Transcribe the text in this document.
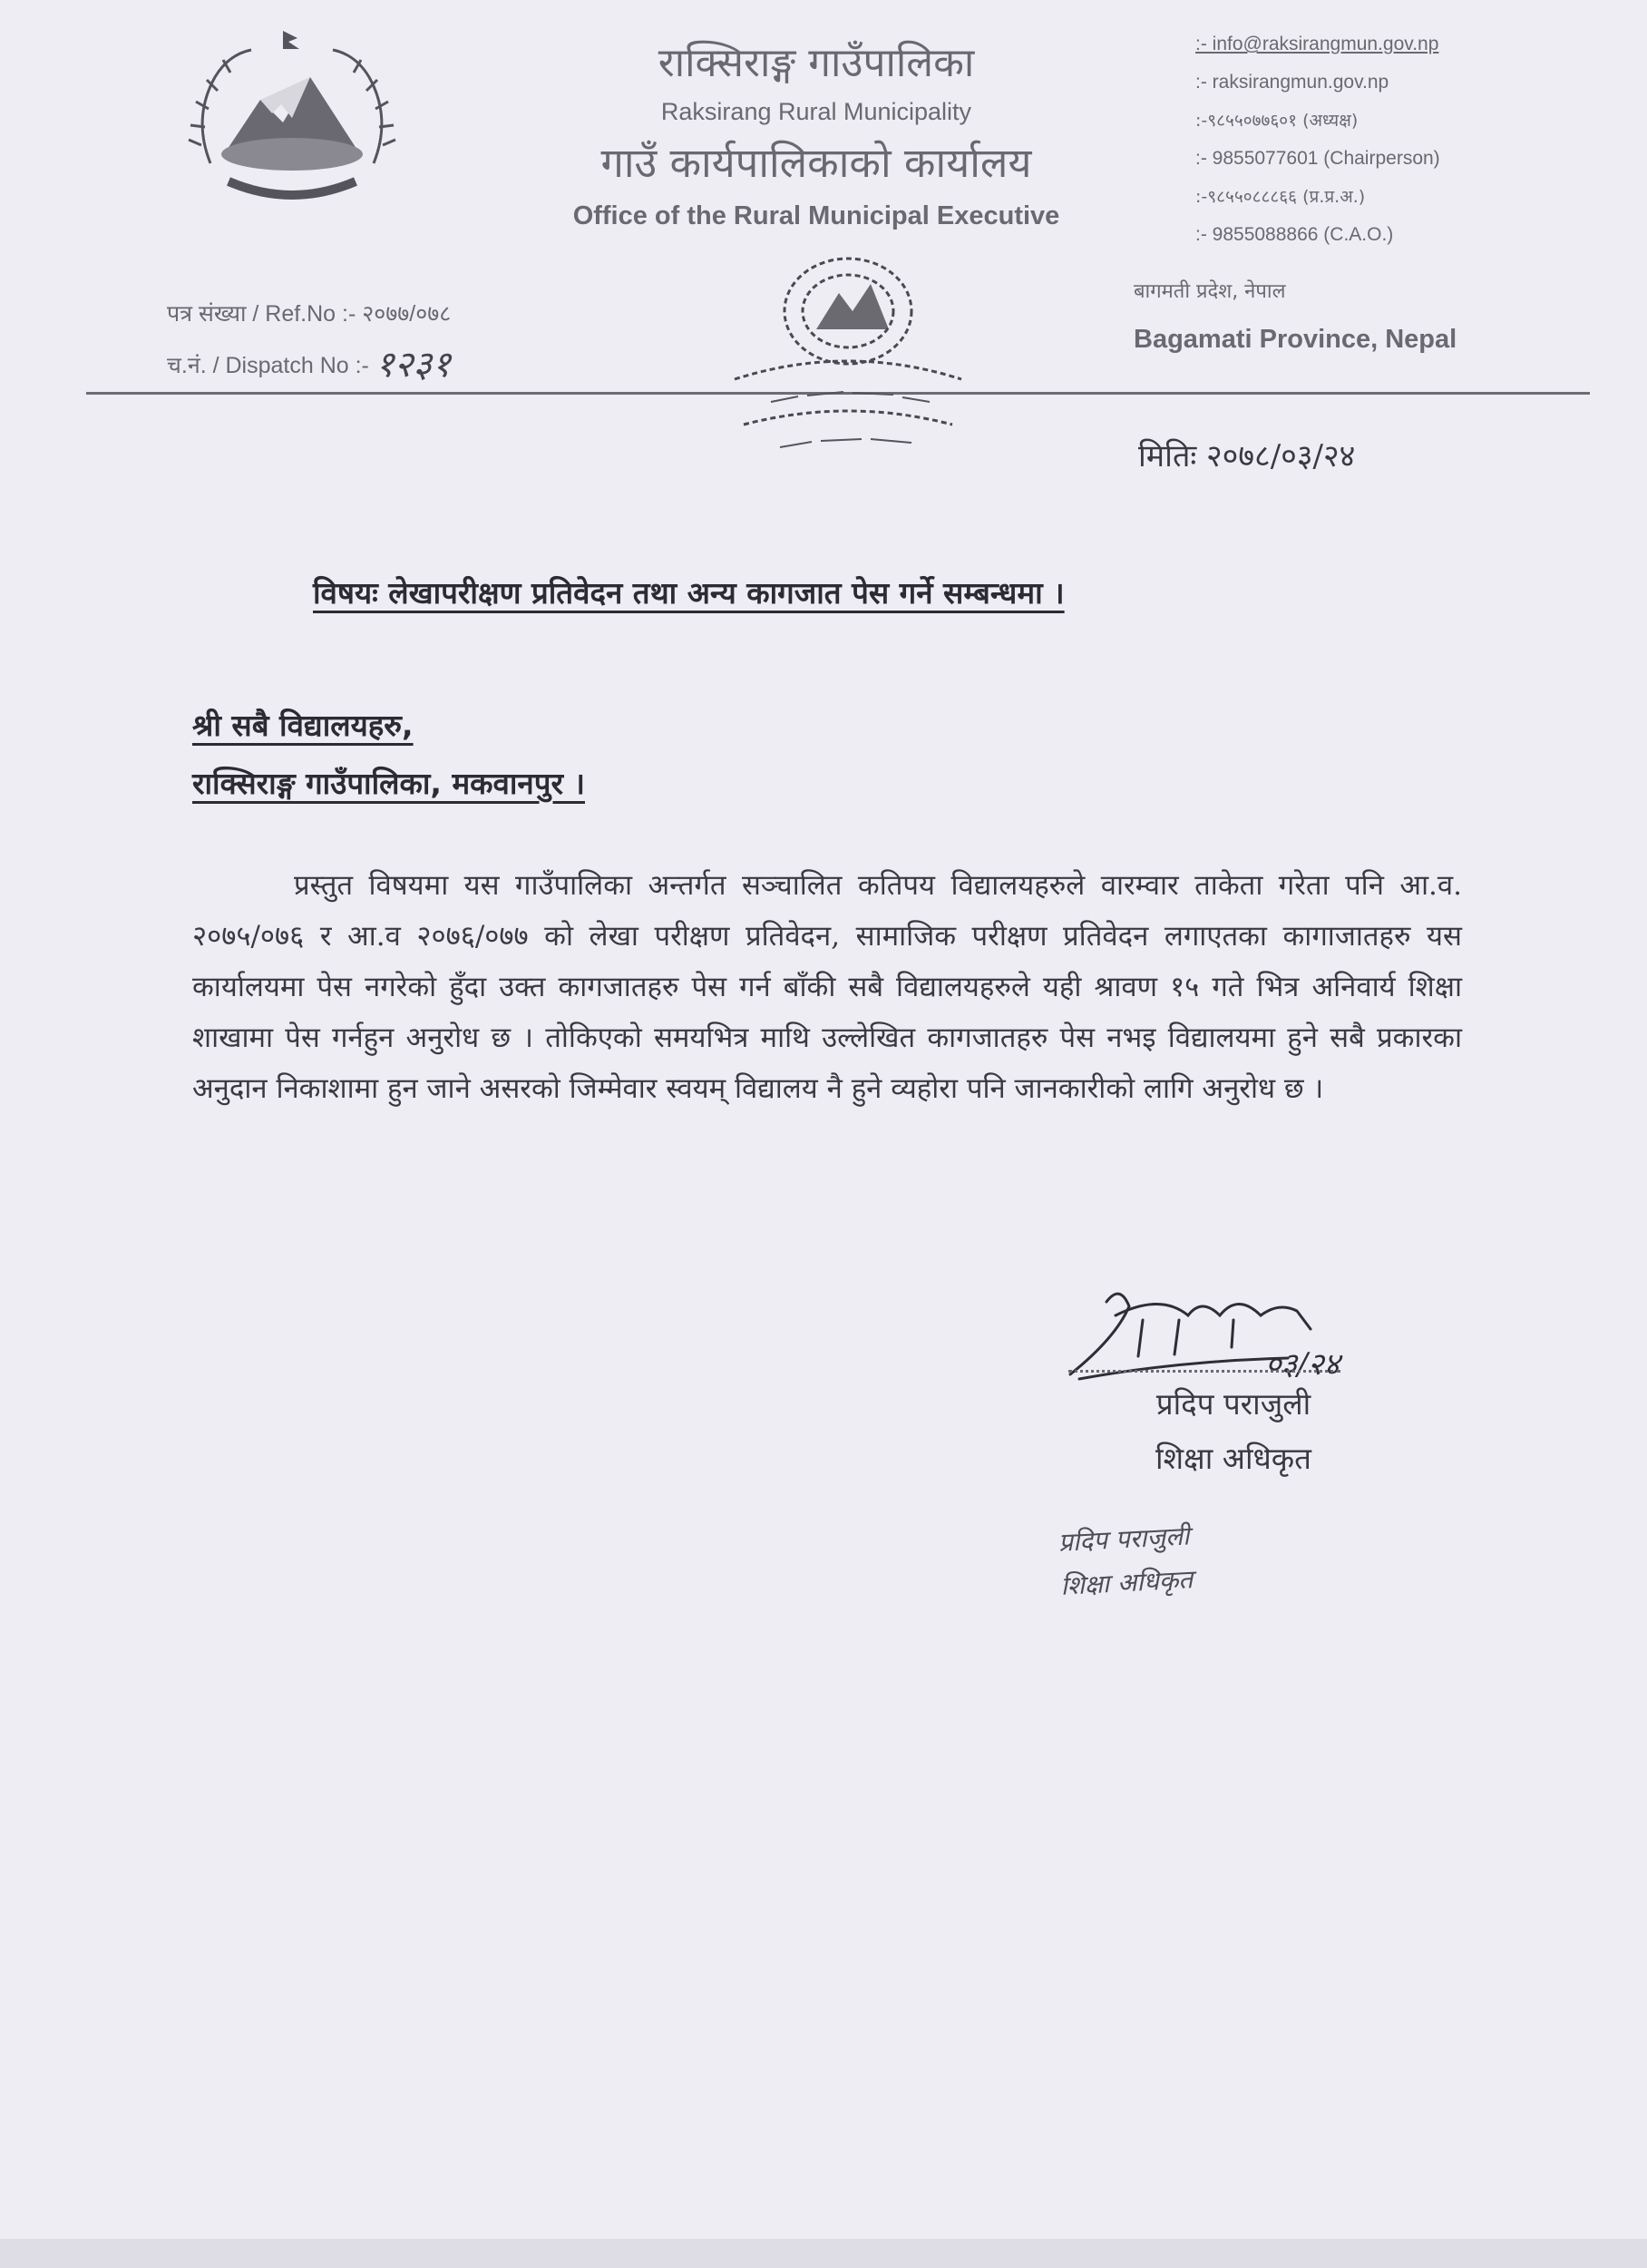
राक्सिराङ्ग गाउँपालिका
Raksirang Rural Municipality
गाउँ कार्यपालिकाको कार्यालय
Office of the Rural Municipal Executive
:- info@raksirangmun.gov.np
:- raksirangmun.gov.np
:-९८५५०७७६०१ (अध्यक्ष)
:- 9855077601 (Chairperson)
:-९८५५०८८८६६ (प्र.प्र.अ.)
:- 9855088866 (C.A.O.)
पत्र संख्या / Ref.No :- २०७७/०७८
च.नं. / Dispatch No :- १२३१
बागमती प्रदेश, नेपाल
Bagamati Province, Nepal
मितिः २०७८/०३/२४
विषयः लेखापरीक्षण प्रतिवेदन तथा अन्य कागजात पेस गर्ने सम्बन्धमा ।
श्री सबै विद्यालयहरु,
राक्सिराङ्ग गाउँपालिका, मकवानपुर ।

प्रस्तुत विषयमा यस गाउँपालिका अन्तर्गत सञ्चालित कतिपय विद्यालयहरुले वारम्वार ताकेता गरेता पनि आ.व. २०७५/०७६ र आ.व २०७६/०७७ को लेखा परीक्षण प्रतिवेदन, सामाजिक परीक्षण प्रतिवेदन लगाएतका कागाजातहरु यस कार्यालयमा पेस नगरेको हुँदा उक्त कागजातहरु पेस गर्न बाँकी सबै विद्यालयहरुले यही श्रावण १५ गते भित्र अनिवार्य शिक्षा शाखामा पेस गर्नहुन अनुरोध छ । तोकिएको समयभित्र माथि उल्लेखित कागजातहरु पेस नभइ विद्यालयमा हुने सबै प्रकारका अनुदान निकाशामा हुन जाने असरको जिम्मेवार स्वयम् विद्यालय नै हुने व्यहोरा पनि जानकारीको लागि अनुरोध छ ।

०३/२४
प्रदिप पराजुली
शिक्षा अधिकृत
प्रदिप पराजुली
शिक्षा अधिकृत
